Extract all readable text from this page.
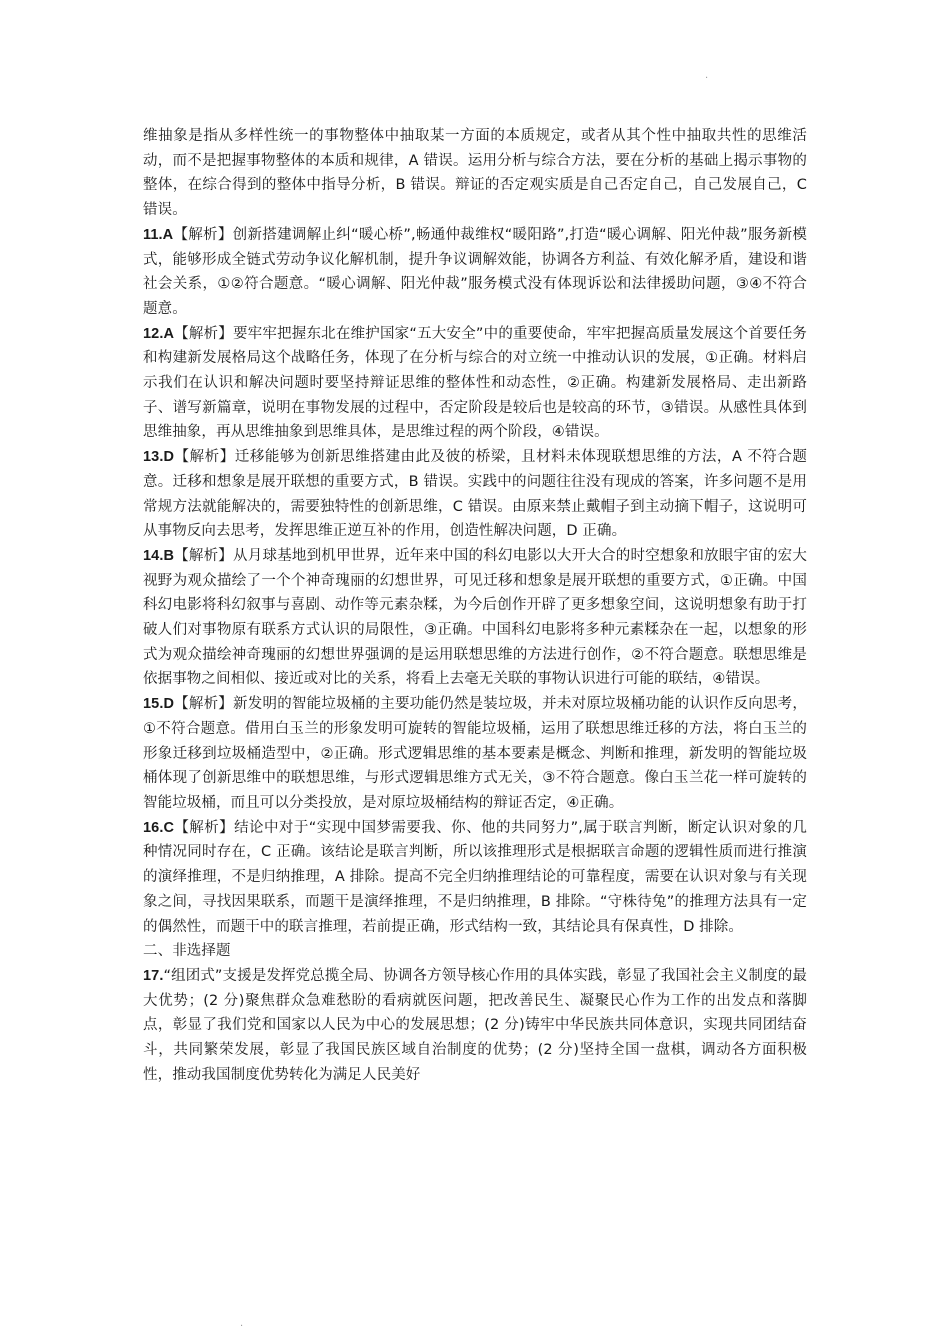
·

维抽象是指从多样性统一的事物整体中抽取某一方面的本质规定，或者从其个性中抽取共性的思维活动，而不是把握事物整体的本质和规律，A 错误。运用分析与综合方法，要在分析的基础上揭示事物的整体，在综合得到的整体中指导分析，B 错误。辩证的否定观实质是自己否定自己，自己发展自己，C 错误。

11.A【解析】创新搭建调解止纠“暖心桥”,畅通仲裁维权“暖阳路”,打造“暖心调解、阳光仲裁”服务新模式，能够形成全链式劳动争议化解机制，提升争议调解效能，协调各方利益、有效化解矛盾，建设和谐社会关系，①②符合题意。“暖心调解、阳光仲裁”服务模式没有体现诉讼和法律援助问题，③④不符合题意。

12.A【解析】要牢牢把握东北在维护国家“五大安全”中的重要使命，牢牢把握高质量发展这个首要任务和构建新发展格局这个战略任务，体现了在分析与综合的对立统一中推动认识的发展，①正确。材料启示我们在认识和解决问题时要坚持辩证思维的整体性和动态性，②正确。构建新发展格局、走出新路子、谱写新篇章，说明在事物发展的过程中，否定阶段是较后也是较高的环节，③错误。从感性具体到思维抽象，再从思维抽象到思维具体，是思维过程的两个阶段，④错误。

13.D【解析】迁移能够为创新思维搭建由此及彼的桥梁，且材料未体现联想思维的方法，A 不符合题意。迁移和想象是展开联想的重要方式，B 错误。实践中的问题往往没有现成的答案，许多问题不是用常规方法就能解决的，需要独特性的创新思维，C 错误。由原来禁止戴帽子到主动摘下帽子，这说明可从事物反向去思考，发挥思维正逆互补的作用，创造性解决问题，D 正确。

14.B【解析】从月球基地到机甲世界，近年来中国的科幻电影以大开大合的时空想象和放眼宇宙的宏大视野为观众描绘了一个个神奇瑰丽的幻想世界，可见迁移和想象是展开联想的重要方式，①正确。中国科幻电影将科幻叙事与喜剧、动作等元素杂糅，为今后创作开辟了更多想象空间，这说明想象有助于打破人们对事物原有联系方式认识的局限性，③正确。中国科幻电影将多种元素糅杂在一起，以想象的形式为观众描绘神奇瑰丽的幻想世界强调的是运用联想思维的方法进行创作，②不符合题意。联想思维是依据事物之间相似、接近或对比的关系，将看上去毫无关联的事物认识进行可能的联结，④错误。

15.D【解析】新发明的智能垃圾桶的主要功能仍然是装垃圾，并未对原垃圾桶功能的认识作反向思考，①不符合题意。借用白玉兰的形象发明可旋转的智能垃圾桶，运用了联想思维迁移的方法，将白玉兰的形象迁移到垃圾桶造型中，②正确。形式逻辑思维的基本要素是概念、判断和推理，新发明的智能垃圾桶体现了创新思维中的联想思维，与形式逻辑思维方式无关，③不符合题意。像白玉兰花一样可旋转的智能垃圾桶，而且可以分类投放，是对原垃圾桶结构的辩证否定，④正确。

16.C【解析】结论中对于“实现中国梦需要我、你、他的共同努力”,属于联言判断，断定认识对象的几种情况同时存在，C 正确。该结论是联言判断，所以该推理形式是根据联言命题的逻辑性质而进行推演的演绎推理，不是归纳推理，A 排除。提高不完全归纳推理结论的可靠程度，需要在认识对象与有关现象之间，寻找因果联系，而题干是演绎推理，不是归纳推理，B 排除。“守株待兔”的推理方法具有一定的偶然性，而题干中的联言推理，若前提正确，形式结构一致，其结论具有保真性，D 排除。

二、非选择题

17.“组团式”支援是发挥党总揽全局、协调各方领导核心作用的具体实践，彰显了我国社会主义制度的最大优势；(2 分)聚焦群众急难愁盼的看病就医问题，把改善民生、凝聚民心作为工作的出发点和落脚点，彰显了我们党和国家以人民为中心的发展思想；(2 分)铸牢中华民族共同体意识，实现共同团结奋斗，共同繁荣发展，彰显了我国民族区域自治制度的优势；(2 分)坚持全国一盘棋，调动各方面积极性，推动我国制度优势转化为满足人民美好

·
